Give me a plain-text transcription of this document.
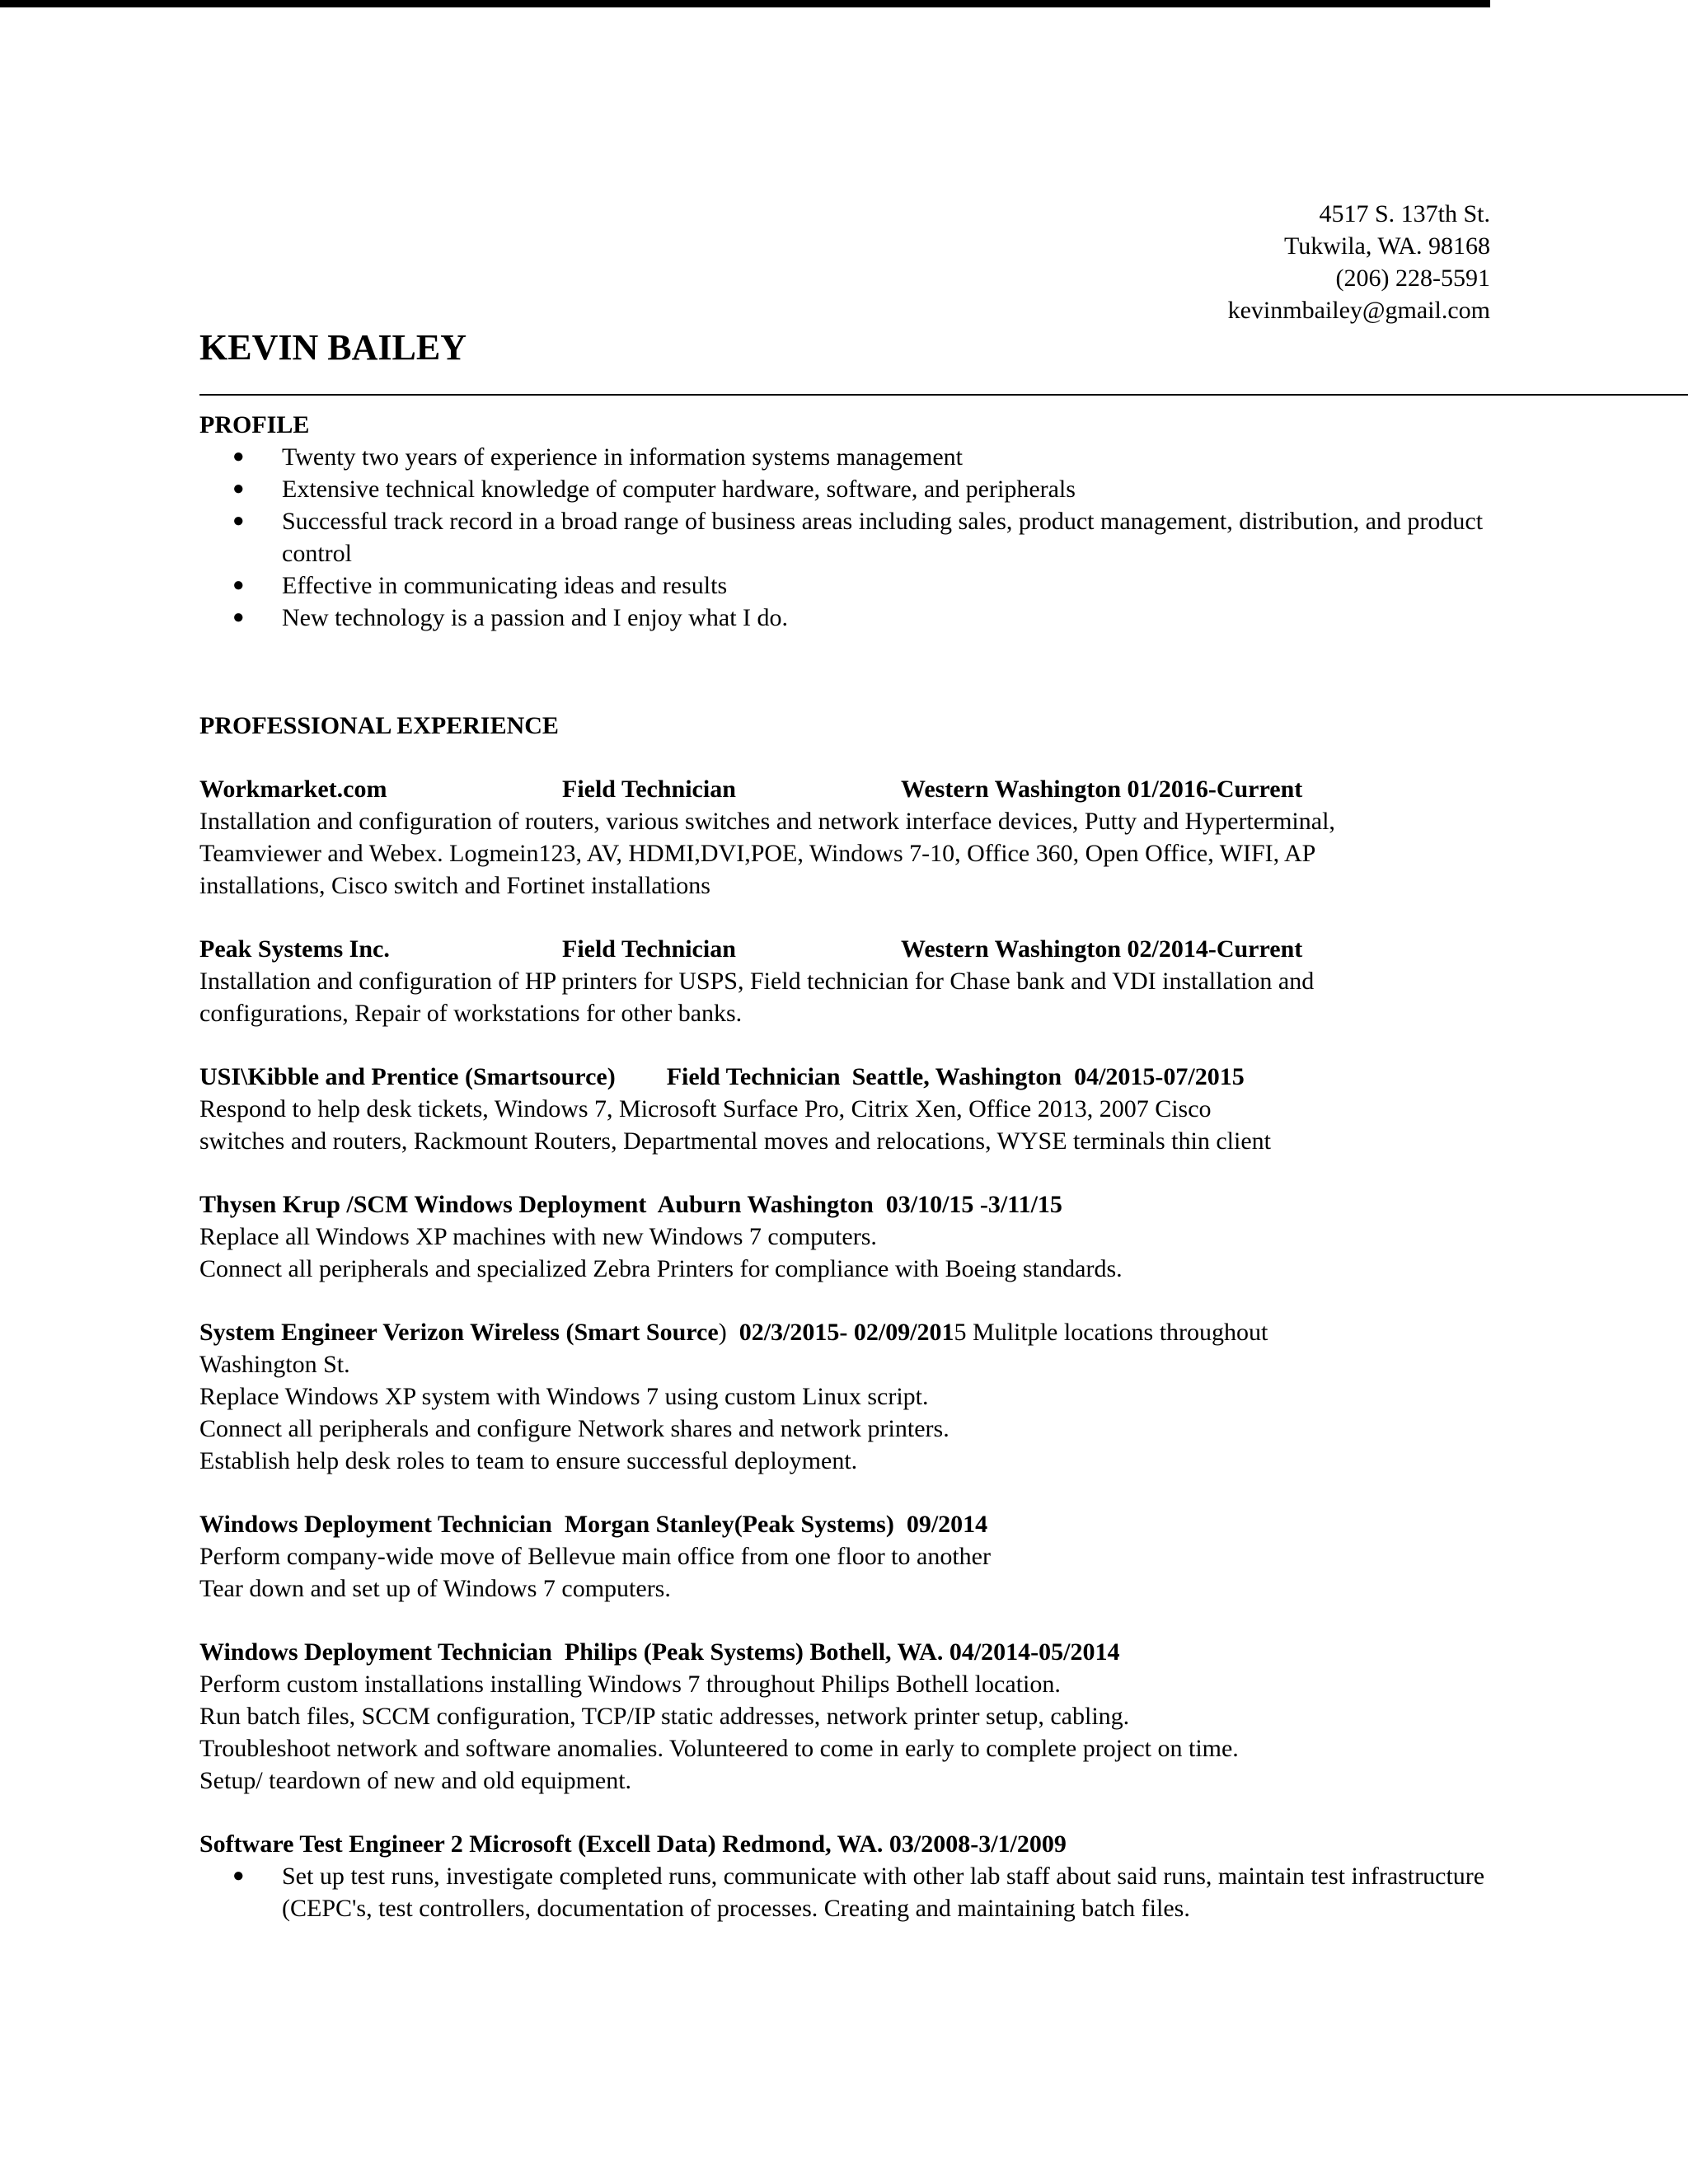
4517 S. 137th St.
Tukwila, WA. 98168
(206) 228-5591
kevinmbailey@gmail.com
KEVIN BAILEY
PROFILE
● Twenty two years of experience in information systems management
● Extensive technical knowledge of computer hardware, software, and peripherals
● Successful track record in a broad range of business areas including sales, product management, distribution, and product control
● Effective in communicating ideas and results
● New technology is a passion and I enjoy what I do.
PROFESSIONAL EXPERIENCE
Workmarket.com	Field Technician	Western Washington 01/2016-Current
Installation and configuration of routers, various switches and network interface devices, Putty and Hyperterminal,
Teamviewer and Webex. Logmein123, AV, HDMI,DVI,POE, Windows 7-10, Office 360, Open Office, WIFI, AP
installations, Cisco switch and Fortinet installations
Peak Systems Inc.	Field Technician	Western Washington 02/2014-Current
Installation and configuration of HP printers for USPS, Field technician for Chase bank and VDI installation and
configurations, Repair of workstations for other banks.
USI\Kibble and Prentice (Smartsource) Field Technician Seattle, Washington  04/2015-07/2015
Respond to help desk tickets, Windows 7, Microsoft Surface Pro, Citrix Xen, Office 2013, 2007 Cisco
switches and routers, Rackmount Routers, Departmental moves and relocations, WYSE terminals thin client
Thysen Krup /SCM Windows Deployment  Auburn Washington  03/10/15 -3/11/15
Replace all Windows XP machines with new Windows 7 computers.
Connect all peripherals and specialized Zebra Printers for compliance with Boeing standards.
System Engineer Verizon Wireless (Smart Source)  02/3/2015- 02/09/2015 Mulitple locations throughout
Washington St.
Replace Windows XP system with Windows 7 using custom Linux script.
Connect all peripherals and configure Network shares and network printers.
Establish help desk roles to team to ensure successful deployment.
Windows Deployment Technician  Morgan Stanley(Peak Systems)  09/2014
Perform company-wide move of Bellevue main office from one floor to another
Tear down and set up of Windows 7 computers.
Windows Deployment Technician  Philips (Peak Systems) Bothell, WA. 04/2014-05/2014
Perform custom installations installing Windows 7 throughout Philips Bothell location.
Run batch files, SCCM configuration, TCP/IP static addresses, network printer setup, cabling.
Troubleshoot network and software anomalies. Volunteered to come in early to complete project on time.
Setup/ teardown of new and old equipment.
Software Test Engineer 2 Microsoft (Excell Data) Redmond, WA. 03/2008-3/1/2009
● Set up test runs, investigate completed runs, communicate with other lab staff about said runs, maintain test infrastructure (CEPC's, test controllers, documentation of processes. Creating and maintaining batch files.
